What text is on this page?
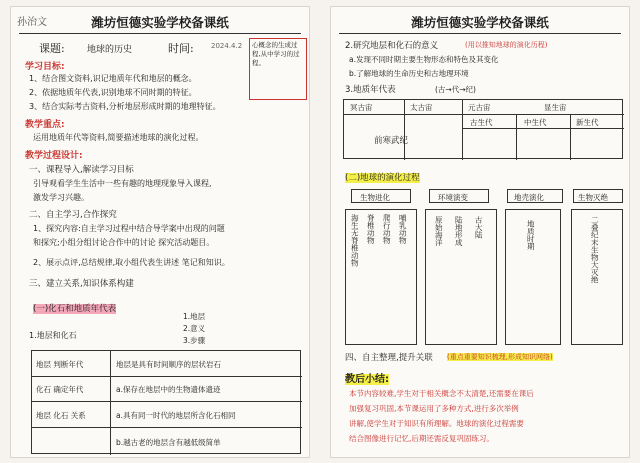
潍坊恒德实验学校备课纸
孙治文
课题: 地球的历史	时间: 2024.4.2 心概念的生成过程,从中学习的过程。
学习目标:
1、结合图文资料,识记地质年代和地层的概念。
2、依据地质年代表,识别地球不同时期的特征。
3、结合实际考古资料,分析地层形成时期的地理特征。
教学重点:
运用地质年代等资料,简要描述地球的演化过程。
教学过程设计:
一、课程导入,解读学习目标
引导观看学生生活中一些有趣的地理现象导入课程,
激发学习兴趣。
二、自主学习,合作探究
1、探究内容:自主学习过程中结合导学案中出现的问题
和探究;小组分组讨论合作中的讨论 探究活动题目。
2、展示点评,总结规律,取小组代表生讲述 笔记和知识。
三、建立关系,知识体系构建
(一)化石和地质年代表
1.地层
2.意义
3.步骤
1.地层和化石
地层 判断年代	地层是具有时间顺序的层状岩石
化石 确定年代	a.保存在地层中的生物遗体遗迹
地层 化石 关系	a.具有同一时代的地层所含化石相同
b.越古老的地层含有越低级简单
潍坊恒德实验学校备课纸
2.研究地层和化石的意义	(用以推知地球的演化历程)
a.发现不同时期主要生物形态和特色及其变化
b.了解地球的生命历史和古地理环境
3.地质年代表	(古→代→纪)
冥古宙	太古宙	元古宙	显生宙
古生代	中生代	新生代
前寒武纪
(二)地球的演化过程
生物进化	环境演变	地壳演化	生物灭绝
海生无脊椎动物 脊椎动物 爬行动物 哺乳动物	原始海洋 陆地形成 古大陆	地质时期	二叠纪末生物大灭绝
四、自主整理,提升关联 (重点重要知识梳理,形成知识网络)
教后小结:
本节内容较难,学生对于相关概念不太清楚,还需要在课后
加强复习巩固,本节课运用了多种方式,进行多次举例
讲解,使学生对于知识有所理解。地球的演化过程需要
结合图像进行记忆,后期还需反复巩固练习。
